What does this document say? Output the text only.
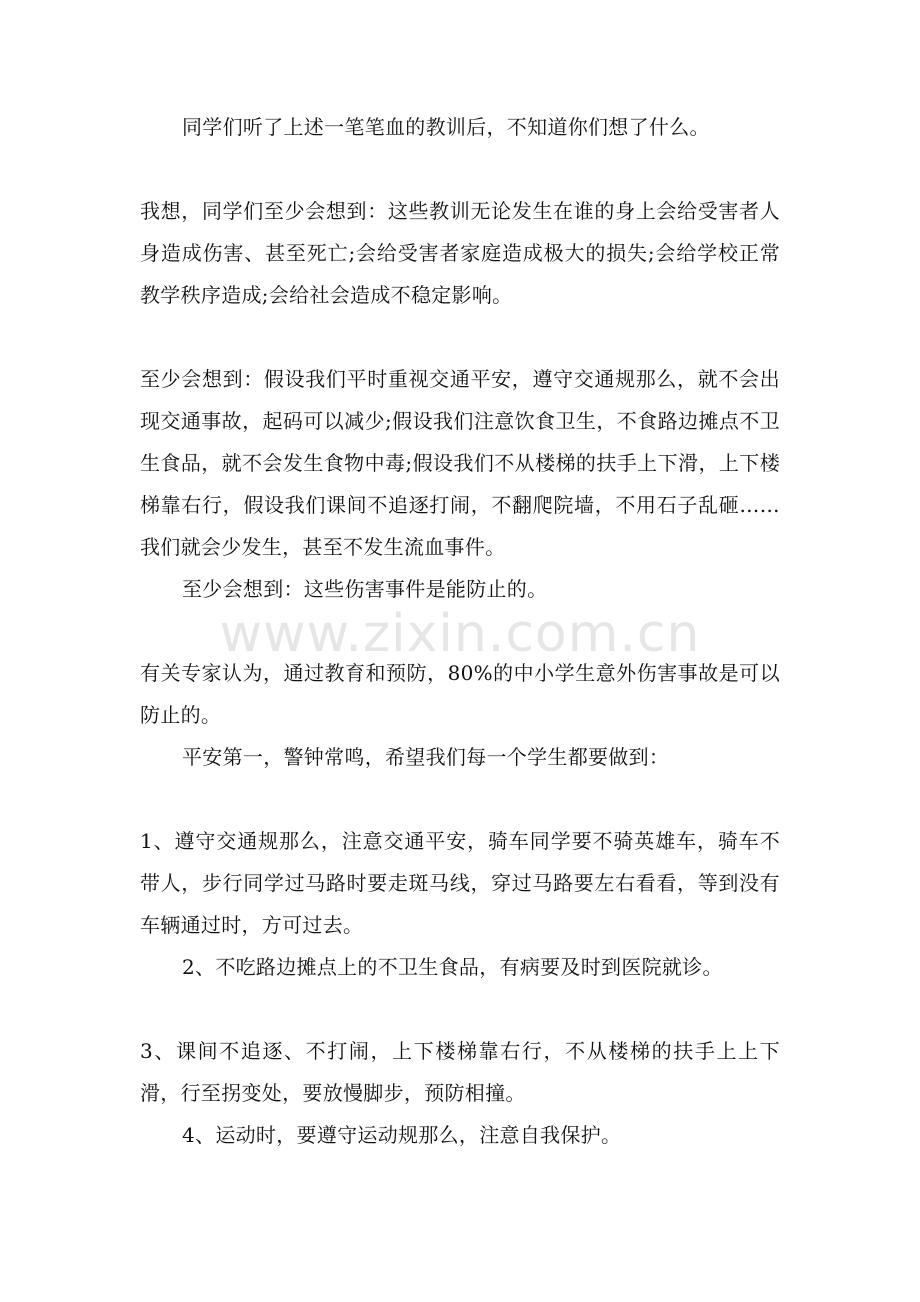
www.zixin.com.cn

同学们听了上述一笔笔血的教训后，不知道你们想了什么。

我想，同学们至少会想到：这些教训无论发生在谁的身上会给受害者人身造成伤害、甚至死亡;会给受害者家庭造成极大的损失;会给学校正常教学秩序造成;会给社会造成不稳定影响。

至少会想到：假设我们平时重视交通平安，遵守交通规那么，就不会出现交通事故，起码可以减少;假设我们注意饮食卫生，不食路边摊点不卫生食品，就不会发生食物中毒;假设我们不从楼梯的扶手上下滑，上下楼梯靠右行，假设我们课间不追逐打闹，不翻爬院墙，不用石子乱砸……我们就会少发生，甚至不发生流血事件。

至少会想到：这些伤害事件是能防止的。

有关专家认为，通过教育和预防，80%的中小学生意外伤害事故是可以防止的。

平安第一，警钟常鸣，希望我们每一个学生都要做到：

1、遵守交通规那么，注意交通平安，骑车同学要不骑英雄车，骑车不带人，步行同学过马路时要走斑马线，穿过马路要左右看看，等到没有车辆通过时，方可过去。

2、不吃路边摊点上的不卫生食品，有病要及时到医院就诊。

3、课间不追逐、不打闹，上下楼梯靠右行，不从楼梯的扶手上上下滑，行至拐变处，要放慢脚步，预防相撞。

4、运动时，要遵守运动规那么，注意自我保护。
